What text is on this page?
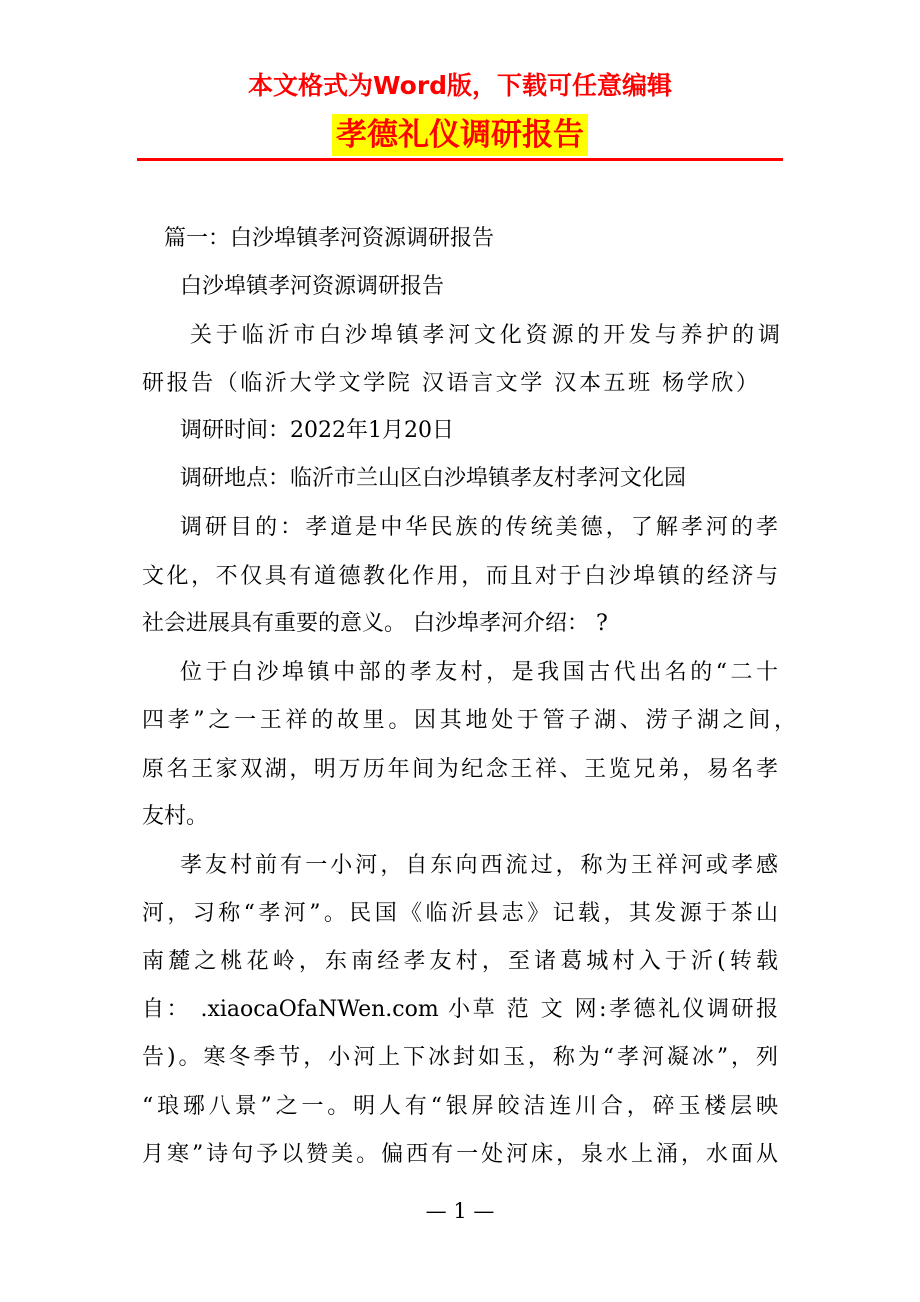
本文格式为Word版，下载可任意编辑
孝德礼仪调研报告
篇一：白沙埠镇孝河资源调研报告
白沙埠镇孝河资源调研报告
关于临沂市白沙埠镇孝河文化资源的开发与养护的调
研报告（临沂大学文学院 汉语言文学 汉本五班 杨学欣）
调研时间：2022年1月20日
调研地点：临沂市兰山区白沙埠镇孝友村孝河文化园
调研目的：孝道是中华民族的传统美德，了解孝河的孝
文化，不仅具有道德教化作用，而且对于白沙埠镇的经济与
社会进展具有重要的意义。 白沙埠孝河介绍： ?
位于白沙埠镇中部的孝友村，是我国古代出名的“二十
四孝”之一王祥的故里。因其地处于管子湖、涝子湖之间，
原名王家双湖，明万历年间为纪念王祥、王览兄弟，易名孝
友村。
孝友村前有一小河，自东向西流过，称为王祥河或孝感
河，习称“孝河”。民国《临沂县志》记载，其发源于茶山
南麓之桃花岭，东南经孝友村，至诸葛城村入于沂(转载
自： .xiaocaOfaNWen.com 小草 范 文 网:孝德礼仪调研报
告)。寒冬季节，小河上下冰封如玉，称为“孝河凝冰”，列
“琅琊八景”之一。明人有“银屏皎洁连川合，碎玉楼层映
月寒”诗句予以赞美。偏西有一处河床，泉水上涌，水面从
— 1 —
